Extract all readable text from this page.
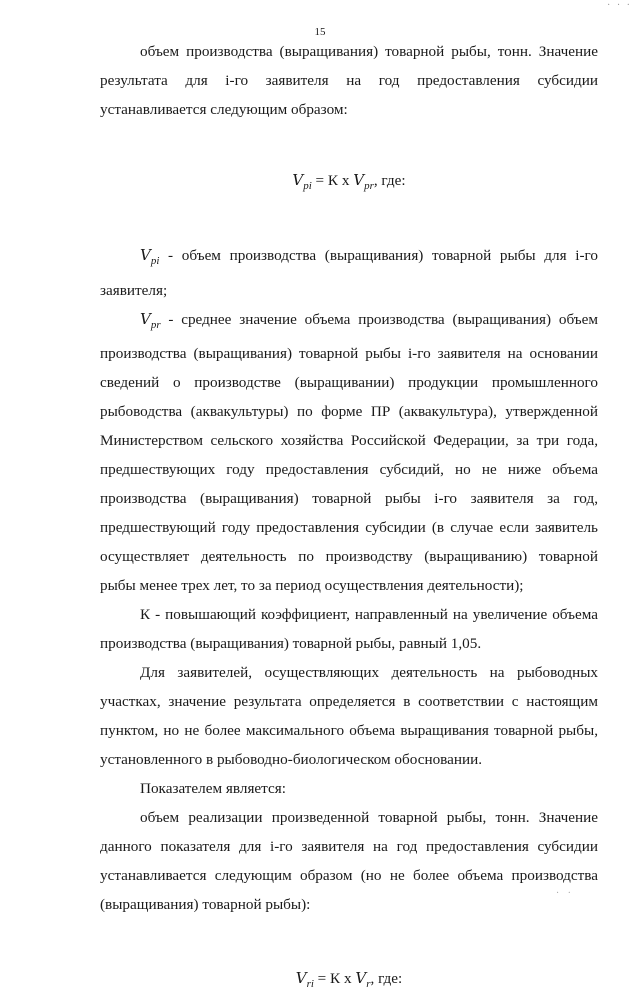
· · ·
15

объем производства (выращивания) товарной рыбы, тонн. Значение результата для i-го заявителя на год предоставления субсидии устанавливается следующим образом:

$V_{pi} = К$ x $V_{pr}$, где:

$V_{pi}$ - объем производства (выращивания) товарной рыбы для i-го заявителя;

$V_{pr}$ - среднее значение объема производства (выращивания) объем производства (выращивания) товарной рыбы i-го заявителя на основании сведений о производстве (выращивании) продукции промышленного рыбоводства (аквакультуры) по форме ПР (аквакультура), утвержденной Министерством сельского хозяйства Российской Федерации, за три года, предшествующих году предоставления субсидий, но не ниже объема производства (выращивания) товарной рыбы i-го заявителя за год, предшествующий году предоставления субсидии (в случае если заявитель осуществляет деятельность по производству (выращиванию) товарной рыбы менее трех лет, то за период осуществления деятельности);

К - повышающий коэффициент, направленный на увеличение объема производства (выращивания) товарной рыбы, равный 1,05.

Для заявителей, осуществляющих деятельность на рыбоводных участках, значение результата определяется в соответствии с настоящим пунктом, но не более максимального объема выращивания товарной рыбы, установленного в рыбоводно-биологическом обосновании.

Показателем является:

объем реализации произведенной товарной рыбы, тонн. Значение данного показателя для i-го заявителя на год предоставления субсидии устанавливается следующим образом (но не более объема производства (выращивания) товарной рыбы):

$V_{ri} = К$ x $V_r$, где:

· ·
